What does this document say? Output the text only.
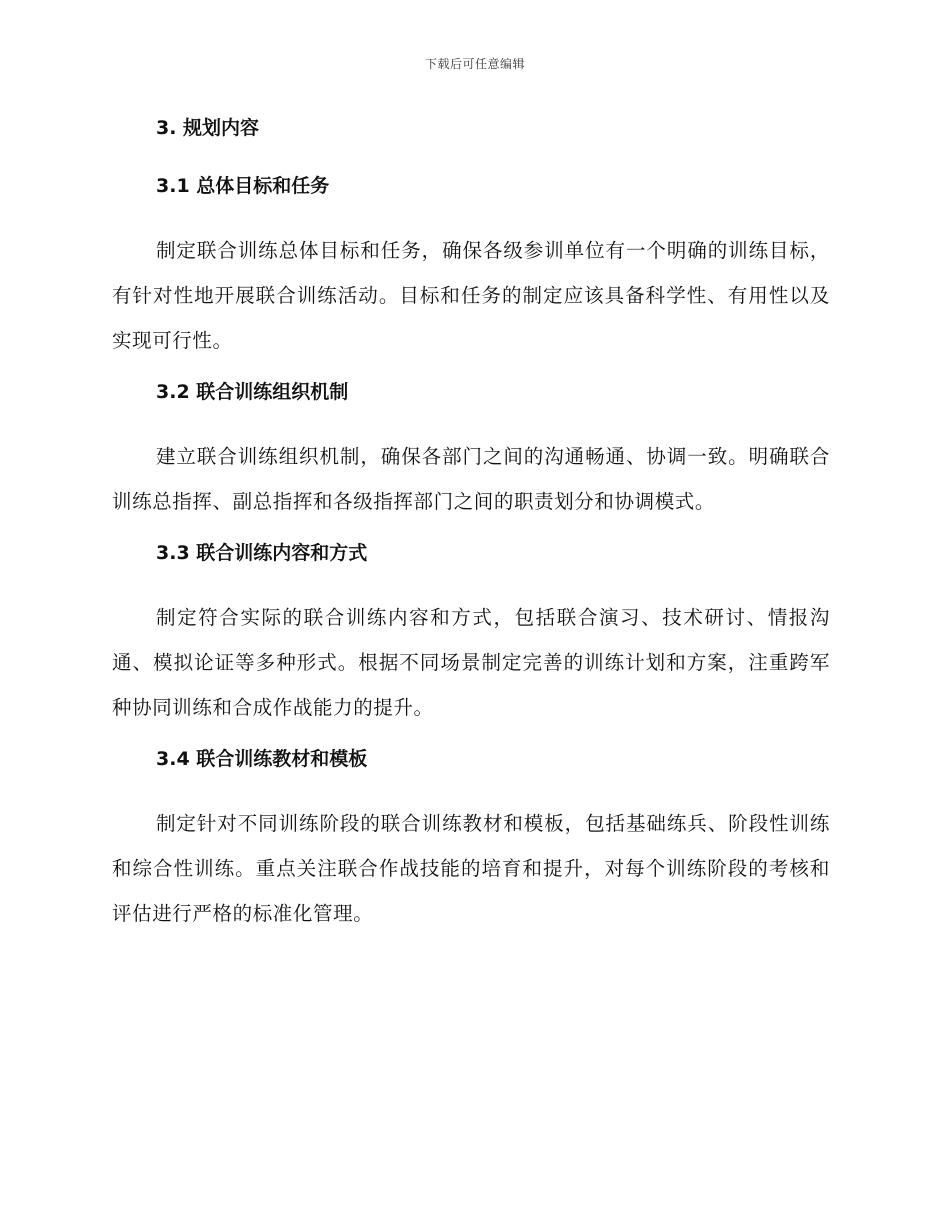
下载后可任意编辑
3. 规划内容
3.1 总体目标和任务

制定联合训练总体目标和任务，确保各级参训单位有一个明确的训练目标，有针对性地开展联合训练活动。目标和任务的制定应该具备科学性、有用性以及实现可行性。

3.2 联合训练组织机制

建立联合训练组织机制，确保各部门之间的沟通畅通、协调一致。明确联合训练总指挥、副总指挥和各级指挥部门之间的职责划分和协调模式。

3.3 联合训练内容和方式

制定符合实际的联合训练内容和方式，包括联合演习、技术研讨、情报沟通、模拟论证等多种形式。根据不同场景制定完善的训练计划和方案，注重跨军种协同训练和合成作战能力的提升。

3.4 联合训练教材和模板

制定针对不同训练阶段的联合训练教材和模板，包括基础练兵、阶段性训练和综合性训练。重点关注联合作战技能的培育和提升，对每个训练阶段的考核和评估进行严格的标准化管理。
